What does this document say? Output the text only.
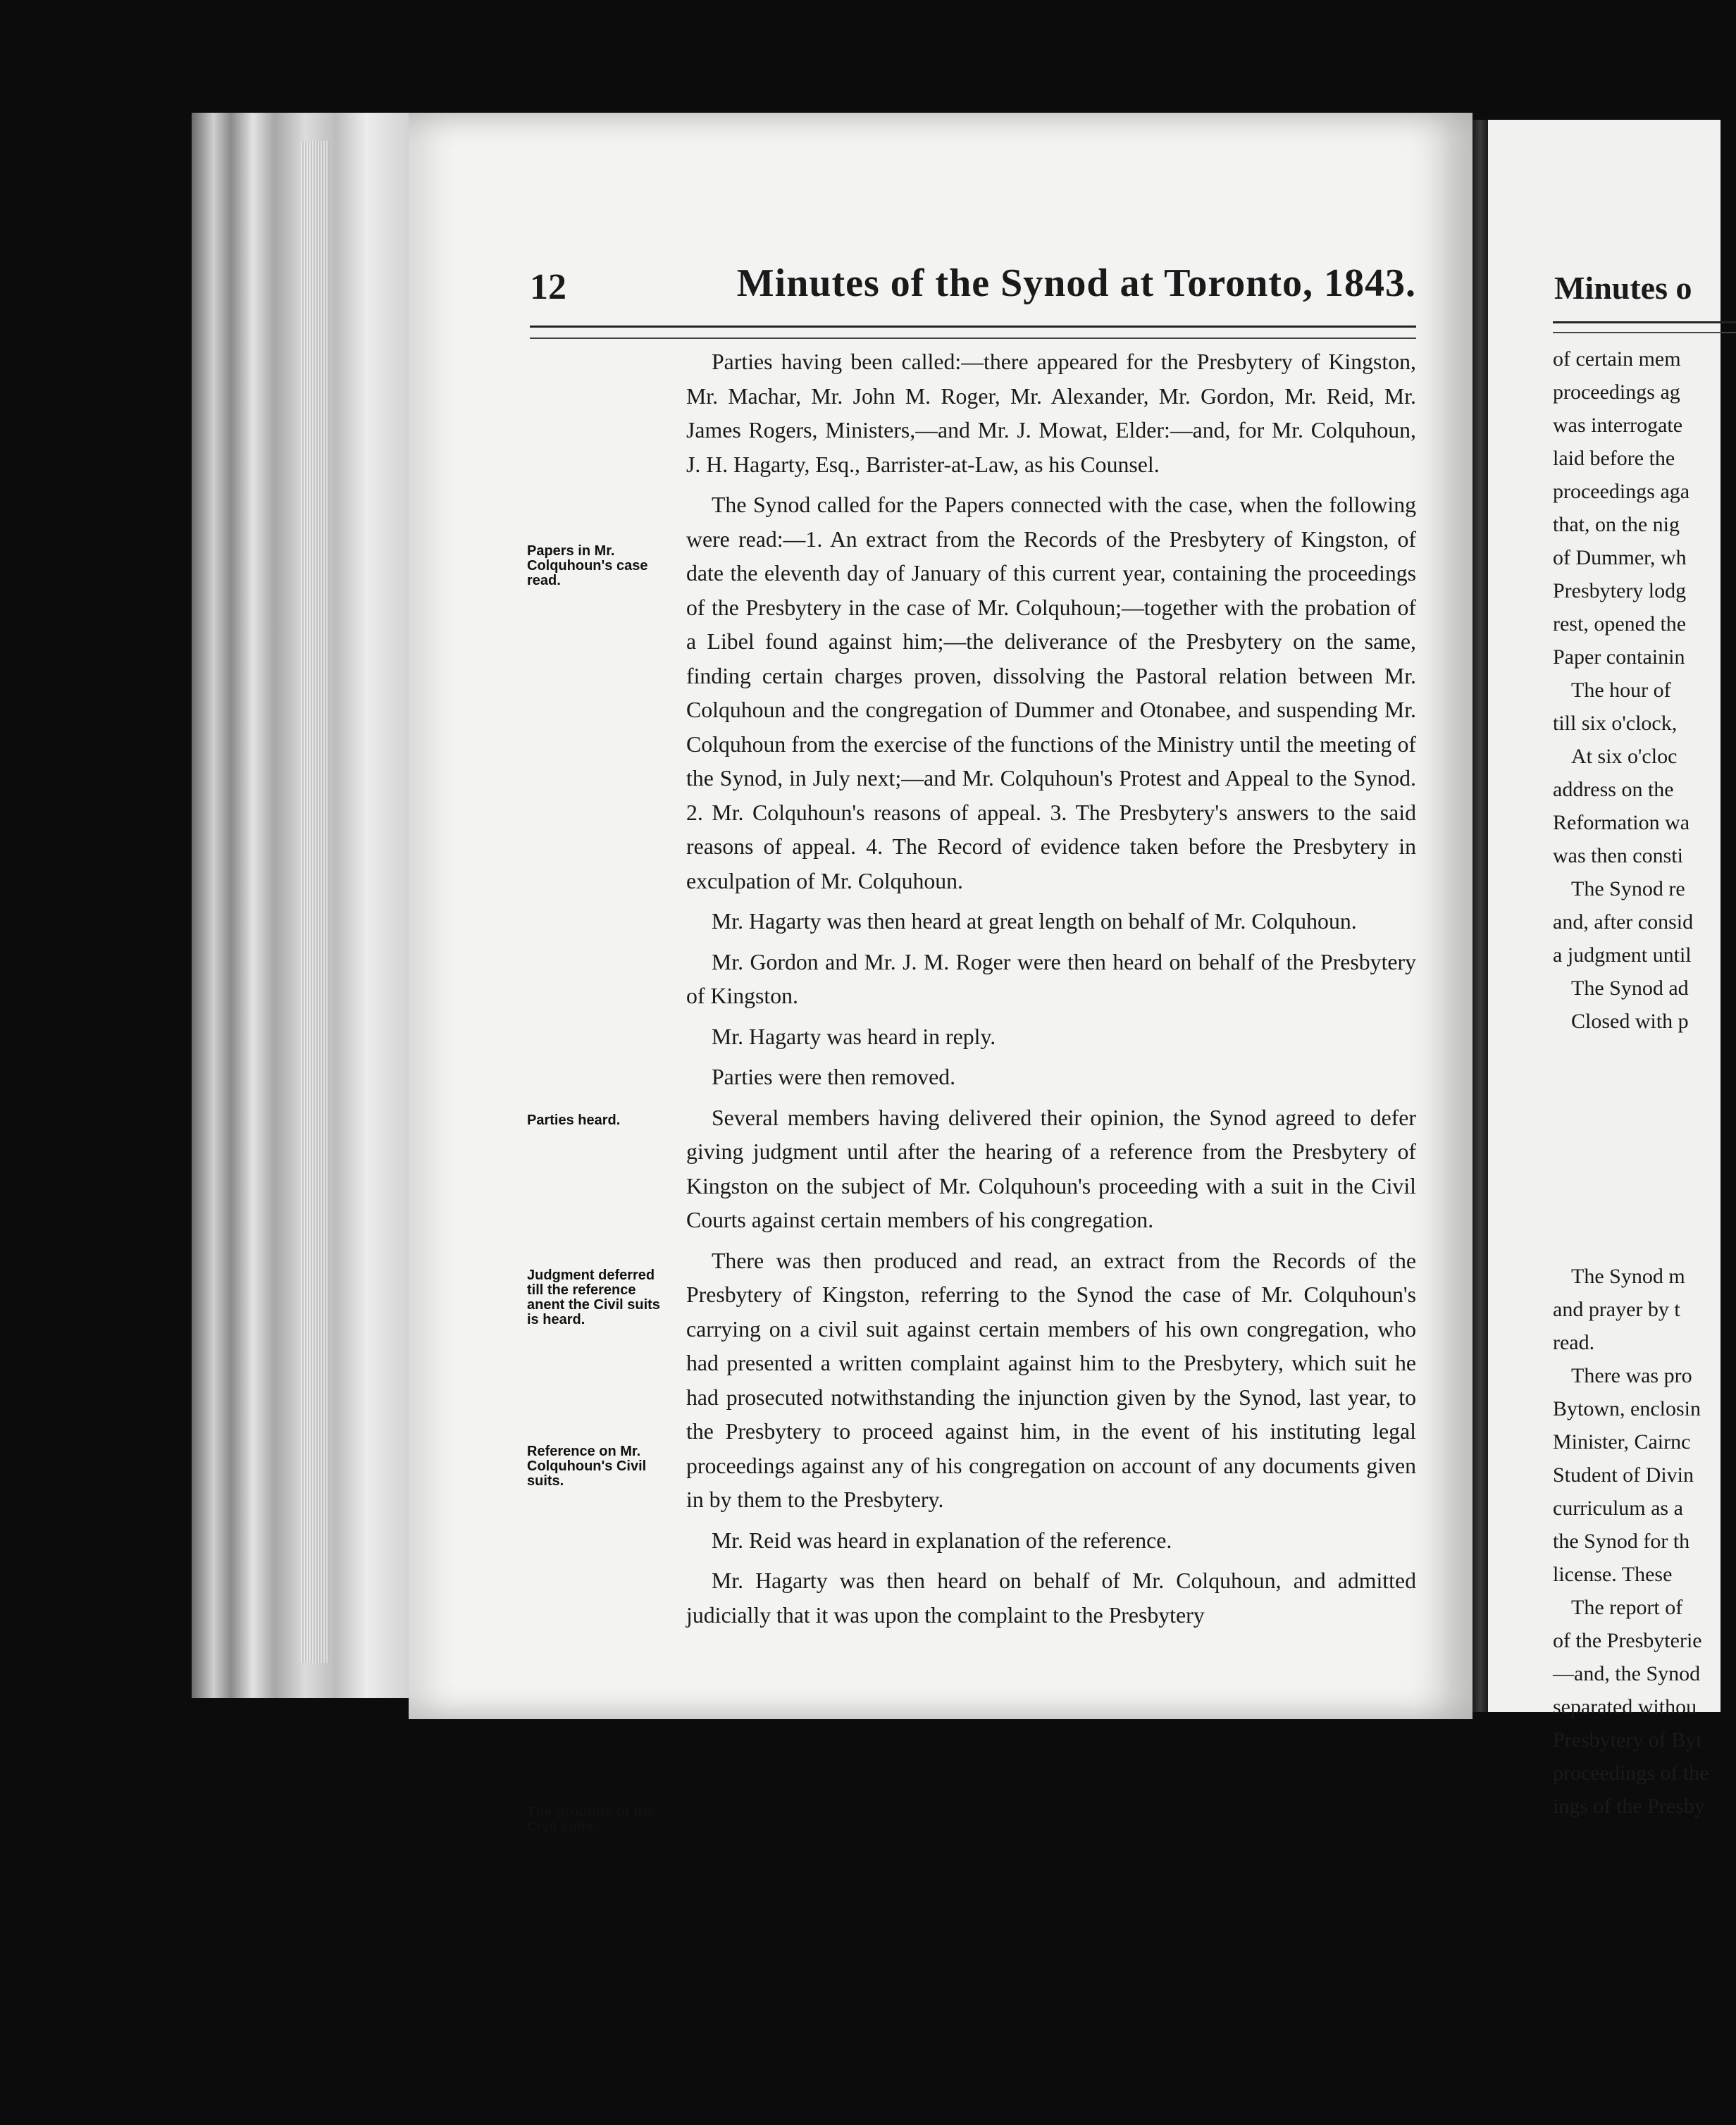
Minutes o
of certain mem
proceedings ag
was interrogate
laid before the
proceedings aga
that, on the nig
of Dummer, wh
Presbytery lodg
rest, opened the
Paper containin
The hour of
till six o'clock,
At six o'cloc
address on the
Reformation wa
was then consti
The Synod re
and, after consid
a judgment until
The Synod ad
Closed with p
The Synod m
and prayer by t
read.
There was pro
Bytown, enclosin
Minister, Cairnc
Student of Divin
curriculum as a
the Synod for th
license. These
The report of
of the Presbyterie
—and, the Synod
separated withou
Presbytery of Byt
proceedings of the
ings of the Presby
12	Minutes of the Synod at Toronto, 1843.
Papers in Mr. Colquhoun's case read.
Parties heard.
Judgment deferred till the reference anent the Civil suits is heard.
Reference on Mr. Colquhoun's Civil suits.
The grounds of the Civil suits.

Parties having been called:—there appeared for the Presbytery of Kingston, Mr. Machar, Mr. John M. Roger, Mr. Alexander, Mr. Gordon, Mr. Reid, Mr. James Rogers, Ministers,—and Mr. J. Mowat, Elder:—and, for Mr. Colquhoun, J. H. Hagarty, Esq., Barrister-at-Law, as his Counsel.

The Synod called for the Papers connected with the case, when the following were read:—1. An extract from the Records of the Presbytery of Kingston, of date the eleventh day of January of this current year, containing the proceedings of the Presbytery in the case of Mr. Colquhoun;—together with the probation of a Libel found against him;—the deliverance of the Presbytery on the same, finding certain charges proven, dissolving the Pastoral relation between Mr. Colquhoun and the congregation of Dummer and Otonabee, and suspending Mr. Colquhoun from the exercise of the functions of the Ministry until the meeting of the Synod, in July next;—and Mr. Colquhoun's Protest and Appeal to the Synod. 2. Mr. Colquhoun's reasons of appeal. 3. The Presbytery's answers to the said reasons of appeal. 4. The Record of evidence taken before the Presbytery in exculpation of Mr. Colquhoun.

Mr. Hagarty was then heard at great length on behalf of Mr. Colquhoun.

Mr. Gordon and Mr. J. M. Roger were then heard on behalf of the Presbytery of Kingston.

Mr. Hagarty was heard in reply.

Parties were then removed.

Several members having delivered their opinion, the Synod agreed to defer giving judgment until after the hearing of a reference from the Presbytery of Kingston on the subject of Mr. Colquhoun's proceeding with a suit in the Civil Courts against certain members of his congregation.

There was then produced and read, an extract from the Records of the Presbytery of Kingston, referring to the Synod the case of Mr. Colquhoun's carrying on a civil suit against certain members of his own congregation, who had presented a written complaint against him to the Presbytery, which suit he had prosecuted notwithstanding the injunction given by the Synod, last year, to the Presbytery to proceed against him, in the event of his instituting legal proceedings against any of his congregation on account of any documents given in by them to the Presbytery.

Mr. Reid was heard in explanation of the reference.

Mr. Hagarty was then heard on behalf of Mr. Colquhoun, and admitted judicially that it was upon the complaint to the Presbytery
